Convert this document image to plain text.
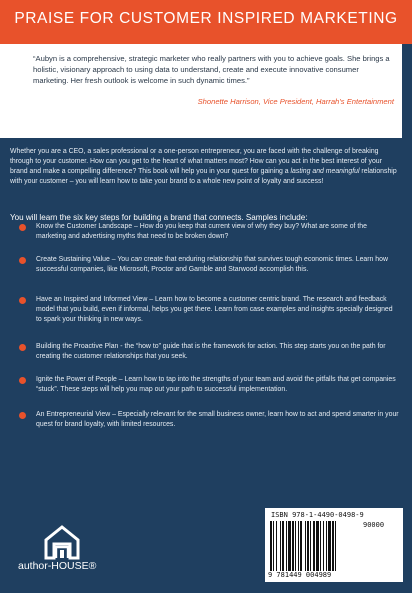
PRAISE FOR CUSTOMER INSPIRED MARKETING
“Aubyn is a comprehensive, strategic marketer who really partners with you to achieve goals. She brings a holistic, visionary approach to using data to understand, create and execute innovative consumer marketing. Her fresh outlook is welcome in such dynamic times.”
Shonette Harrison, Vice President, Harrah’s Entertainment
Whether you are a CEO, a sales professional or a one-person entrepreneur, you are faced with the challenge of breaking through to your customer. How can you get to the heart of what matters most? How can you act in the best interest of your brand and make a compelling difference? This book will help you in your quest for gaining a lasting and meaningful relationship with your customer – you will learn how to take your brand to a whole new point of loyalty and success!
You will learn the six key steps for building a brand that connects. Samples include:
Know the Customer Landscape – How do you keep that current view of why they buy? What are some of the marketing and advertising myths that need to be broken down?
Create Sustaining Value – You can create that enduring relationship that survives tough economic times. Learn how successful companies, like Microsoft, Proctor and Gamble and Starwood accomplish this.
Have an Inspired and Informed View – Learn how to become a customer centric brand. The research and feedback model that you build, even if informal, helps you get there. Learn from case examples and insights specially designed to spark your thinking in new ways.
Building the Proactive Plan - the “how to” guide that is the framework for action. This step starts you on the path for creating the customer relationships that you seek.
Ignite the Power of People – Learn how to tap into the strengths of your team and avoid the pitfalls that get companies “stuck”. These steps will help you map out your path to successful implementation.
An Entrepreneurial View – Especially relevant for the small business owner, learn how to act and spend smarter in your quest for brand loyalty, with limited resources.
author‑HOUSE®
ISBN 978-1-4490-0498-9
90000
9 781449 004989
